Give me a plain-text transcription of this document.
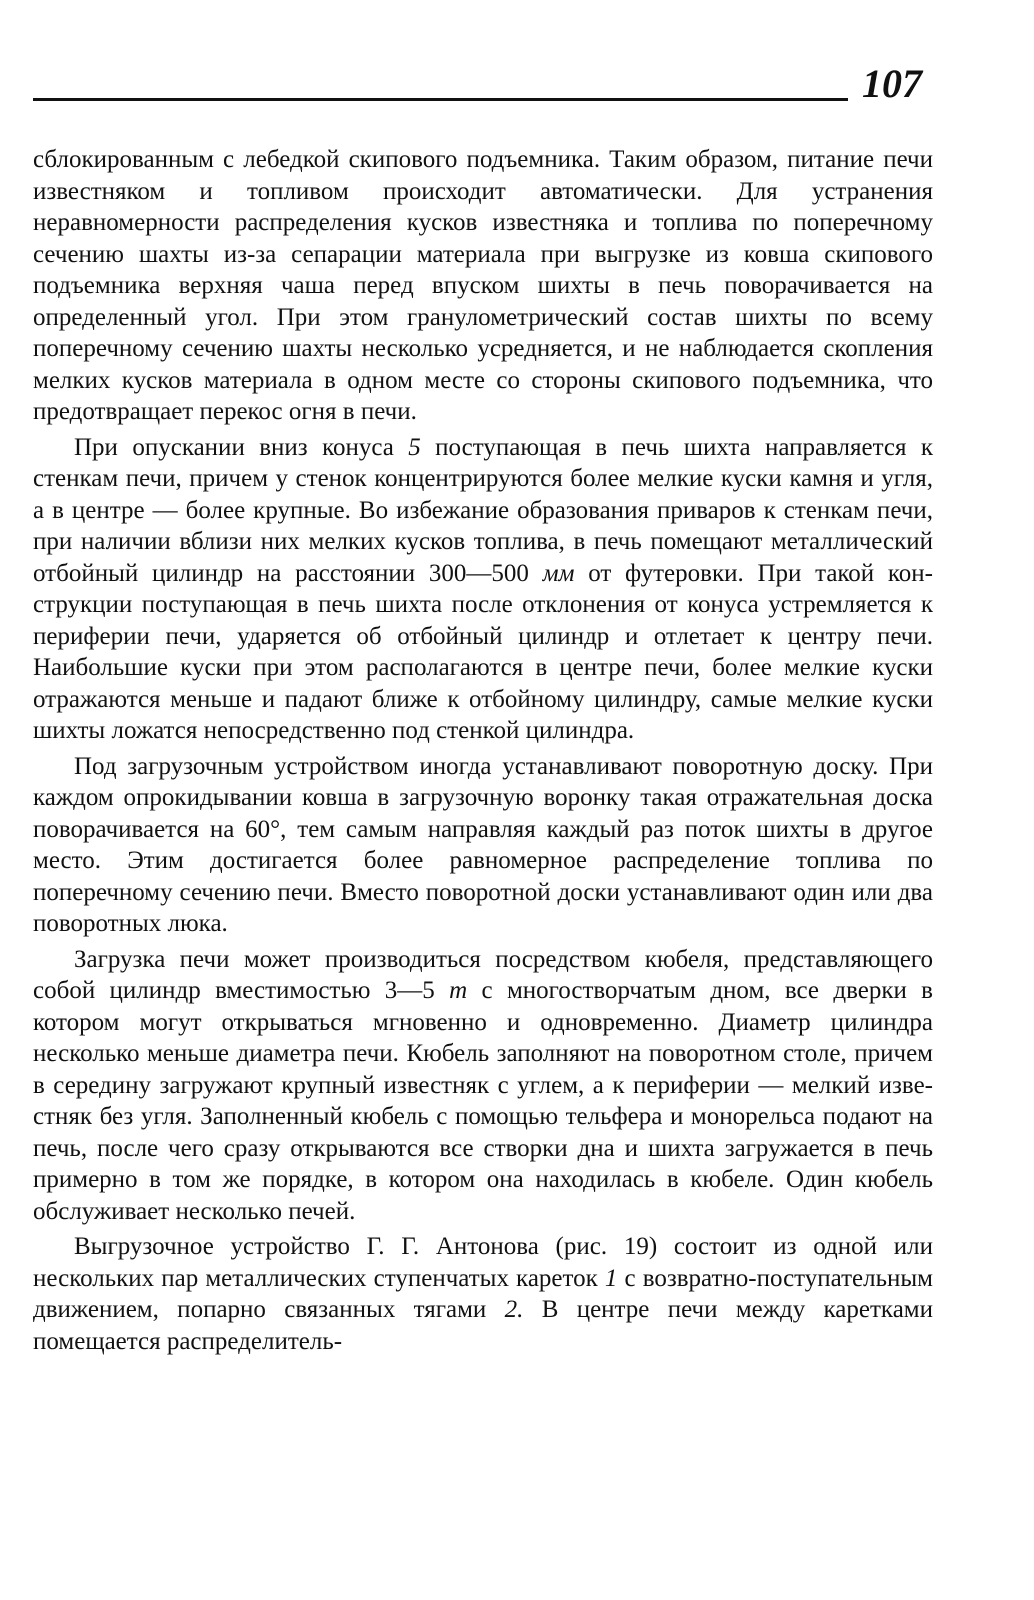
107

сблокированным с лебедкой скипового подъемника. Таким образом, питание печи известняком и топливом происходит автоматически. Для устранения неравномерности распределения кусков известняка и топлива по поперечному сечению шахты из-за сепарации материала при выгрузке из ковша скипового подъемника верхняя чаша перед впуском шихты в печь поворачивается на определенный угол. При этом гранулометрический состав шихты по всему поперечному сечению шахты несколько усредняется, и не наблюдается скопления мелких кусков материала в одном месте со стороны скипового подъемника, что предотвращает перекос огня в печи.

При опускании вниз конуса 5 поступающая в печь шихта направляется к стенкам печи, причем у стенок концентрируются более мелкие куски камня и угля, а в центре — более крупные. Во избежание образования приваров к стенкам печи, при наличии вблизи них мелких кусков топлива, в печь помещают металлический отбойный цилиндр на расстоянии 300—500 мм от футеровки. При такой конструкции поступающая в печь шихта после отклонения от конуса устремляется к периферии печи, ударяется об отбойный цилиндр и отлетает к центру печи. Наибольшие куски при этом располагаются в центре печи, более мелкие куски отражаются меньше и падают ближе к отбойному цилиндру, самые мелкие куски шихты ложатся непосредственно под стенкой цилиндра.

Под загрузочным устройством иногда устанавливают поворотную доску. При каждом опрокидывании ковша в загрузочную воронку такая отражательная доска поворачивается на 60°, тем самым направляя каждый раз поток шихты в другое место. Этим достигается более равномерное распределение топлива по поперечному сечению печи. Вместо поворотной доски устанавливают один или два поворотных люка.

Загрузка печи может производиться посредством кюбеля, представляющего собой цилиндр вместимостью 3—5 т с многостворчатым дном, все дверки в котором могут открываться мгновенно и одновременно. Диаметр цилиндра несколько меньше диаметра печи. Кюбель заполняют на поворотном столе, причем в середину загружают крупный известняк с углем, а к периферии — мелкий известняк без угля. Заполненный кюбель с помощью тельфера и монорельса подают на печь, после чего сразу открываются все створки дна и шихта загружается в печь примерно в том же порядке, в котором она находилась в кюбеле. Один кюбель обслуживает несколько печей.

Выгрузочное устройство Г. Г. Антонова (рис. 19) состоит из одной или нескольких пар металлических ступенчатых кареток 1 с возвратно-поступательным движением, попарно связанных тягами 2. В центре печи между каретками помещается распределитель-
